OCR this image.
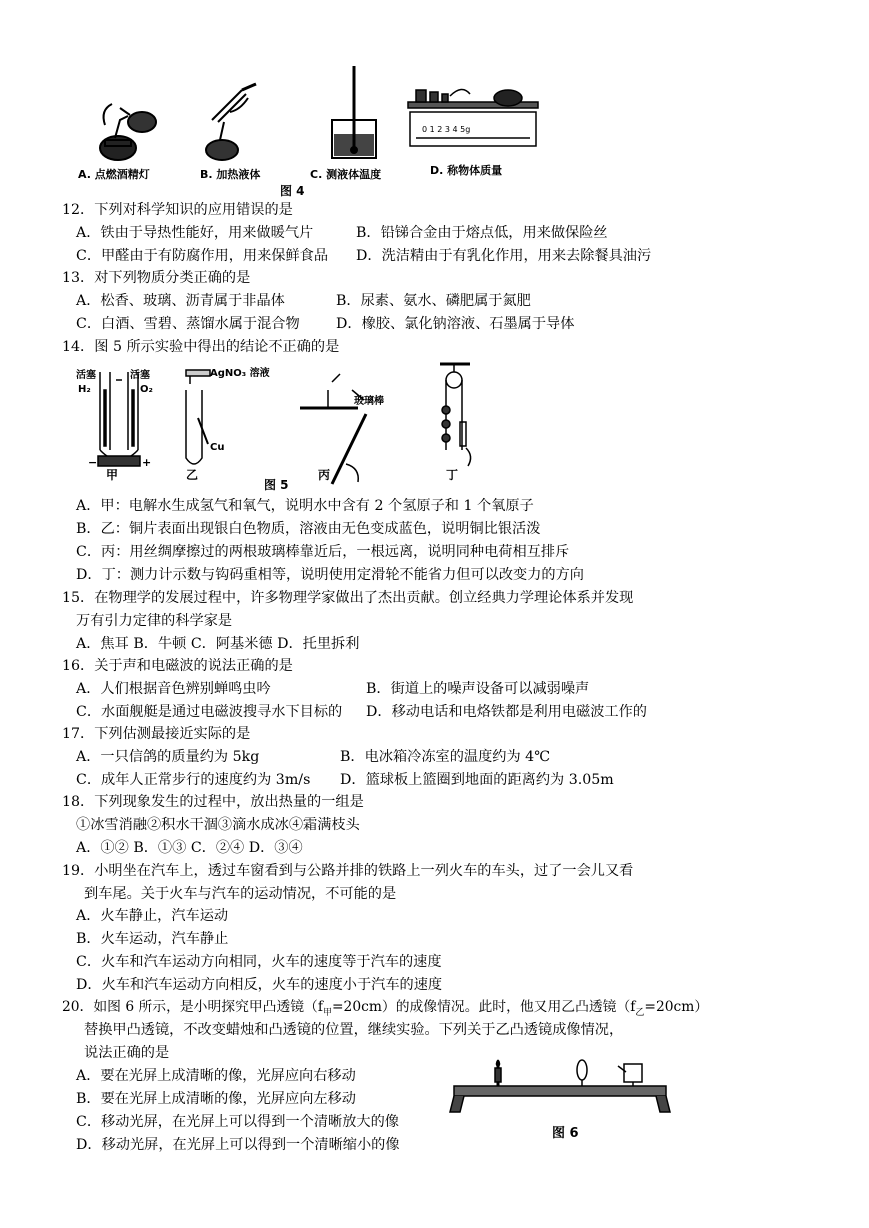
0 1 2 3 4 5g
A. 点燃酒精灯	B. 加热液体	C. 测液体温度	D. 称物体质量
图 4
12．下列对科学知识的应用错误的是
A．铁由于导热性能好，用来做暖气片	B．铅锑合金由于熔点低，用来做保险丝
C．甲醛由于有防腐作用，用来保鲜食品 D．洗洁精由于有乳化作用，用来去除餐具油污
13．对下列物质分类正确的是
A．松香、玻璃、沥青属于非晶体	B．尿素、氨水、磷肥属于氮肥
C．白酒、雪碧、蒸馏水属于混合物	D．橡胶、氯化钠溶液、石墨属于导体
14．图 5 所示实验中得出的结论不正确的是
H₂	O₂
活塞	活塞
−	+
AgNO₃ 溶液
Cu
玻璃棒
甲	乙	丙	丁
图 5
A．甲：电解水生成氢气和氧气，说明水中含有 2 个氢原子和 1 个氧原子
B．乙：铜片表面出现银白色物质，溶液由无色变成蓝色，说明铜比银活泼
C．丙：用丝绸摩擦过的两根玻璃棒靠近后，一根远离，说明同种电荷相互排斥
D．丁：测力计示数与钩码重相等，说明使用定滑轮不能省力但可以改变力的方向
15．在物理学的发展过程中，许多物理学家做出了杰出贡献。创立经典力学理论体系并发现
万有引力定律的科学家是
A．焦耳 B．牛顿 C．阿基米德 D．托里拆利
16．关于声和电磁波的说法正确的是
A．人们根据音色辨别蝉鸣虫吟	B．街道上的噪声设备可以减弱噪声
C．水面舰艇是通过电磁波搜寻水下目标的 D．移动电话和电烙铁都是利用电磁波工作的
17．下列估测最接近实际的是
A．一只信鸽的质量约为 5kg	B．电冰箱冷冻室的温度约为 4℃
C．成年人正常步行的速度约为 3m/s D．篮球板上篮圈到地面的距离约为 3.05m
18．下列现象发生的过程中，放出热量的一组是
①冰雪消融②积水干涸③滴水成冰④霜满枝头
A．①② B．①③ C．②④ D．③④
19．小明坐在汽车上，透过车窗看到与公路并排的铁路上一列火车的车头，过了一会儿又看
到车尾。关于火车与汽车的运动情况，不可能的是
A．火车静止，汽车运动
B．火车运动，汽车静止
C．火车和汽车运动方向相同，火车的速度等于汽车的速度
D．火车和汽车运动方向相反，火车的速度小于汽车的速度
20．如图 6 所示，是小明探究甲凸透镜$(f_甲=20cm)$的成像情况。此时，他又用乙凸透镜$(f_乙=20cm)$
替换甲凸透镜，不改变蜡烛和凸透镜的位置，继续实验。下列关于乙凸透镜成像情况，
说法正确的是
A．要在光屏上成清晰的像，光屏应向右移动
B．要在光屏上成清晰的像，光屏应向左移动
C．移动光屏，在光屏上可以得到一个清晰放大的像
D．移动光屏，在光屏上可以得到一个清晰缩小的像
图 6
